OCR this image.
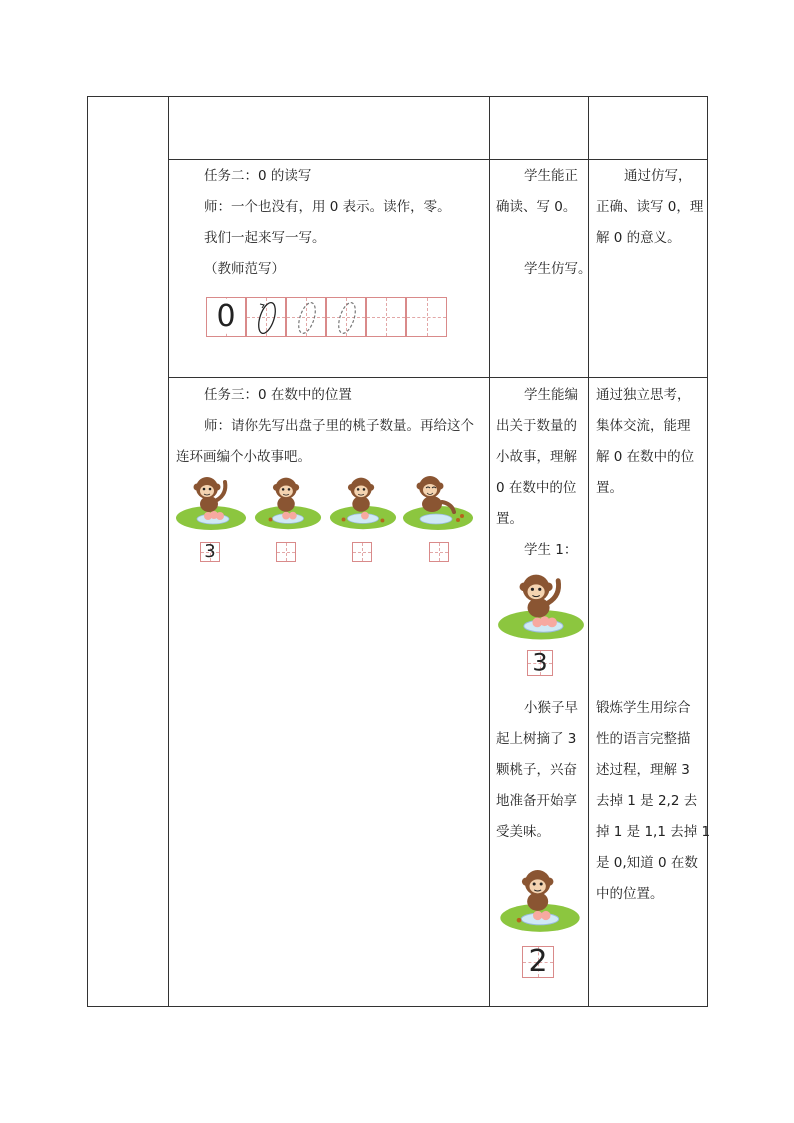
任务二：0 的读写
师：一个也没有，用 0 表示。读作，零。
我们一起来写一写。
（教师范写）
0
学生能正
确读、写 0。
学生仿写。
通过仿写，
正确、读写 0，理
解 0 的意义。
任务三：0 在数中的位置
师：请你先写出盘子里的桃子数量。再给这个
连环画编个小故事吧。
3
学生能编
出关于数量的
小故事，理解
0 在数中的位
置。
学生 1：
3
小猴子早
起上树摘了 3
颗桃子，兴奋
地准备开始享
受美味。
2
通过独立思考，
集体交流，能理
解 0 在数中的位
置。
锻炼学生用综合
性的语言完整描
述过程，理解 3
去掉 1 是 2,2 去
掉 1 是 1,1 去掉 1
是 0,知道 0 在数
中的位置。
